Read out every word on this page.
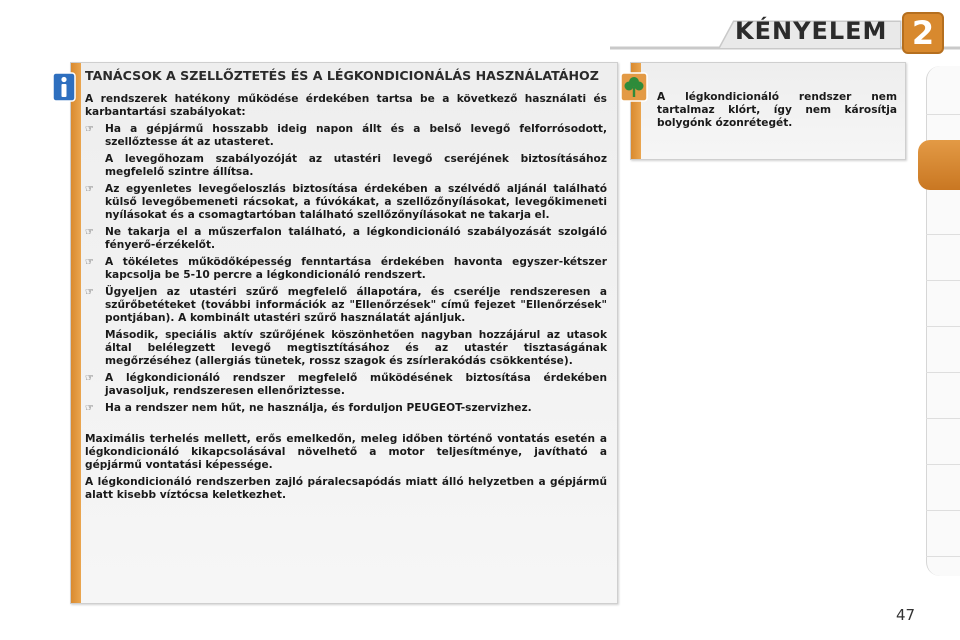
KÉNYELEM 2
TANÁCSOK A SZELLŐZTETÉS ÉS A LÉGKONDICIONÁLÁS HASZNÁLATÁHOZ

A rendszerek hatékony működése érdekében tartsa be a következő használati és karbantartási szabályokat:

☞ Ha a gépjármű hosszabb ideig napon állt és a belső levegő felforrósodott, szellőztesse át az utasteret.
A levegőhozam szabályozóját az utastéri levegő cseréjének biztosításához megfelelő szintre állítsa.
☞ Az egyenletes levegőeloszlás biztosítása érdekében a szélvédő aljánál található külső levegőbemeneti rácsokat, a fúvókákat, a szellőzőnyílásokat, levegőkimeneti nyílásokat és a csomagtartóban található szellőzőnyílásokat ne takarja el.
☞ Ne takarja el a műszerfalon található, a légkondicionáló szabályozását szolgáló fényerő-érzékelőt.
☞ A tökéletes működőképesség fenntartása érdekében havonta egyszer-kétszer kapcsolja be 5-10 percre a légkondicionáló rendszert.
☞ Ügyeljen az utastéri szűrő megfelelő állapotára, és cserélje rendszeresen a szűrőbetéteket (további információk az "Ellenőrzések" című fejezet "Ellenőrzések" pontjában). A kombinált utastéri szűrő használatát ajánljuk.
Második, speciális aktív szűrőjének köszönhetően nagyban hozzájárul az utasok által belélegzett levegő megtisztításához és az utastér tisztaságának megőrzéséhez (allergiás tünetek, rossz szagok és zsírlerakódás csökkentése).
☞ A légkondicionáló rendszer megfelelő működésének biztosítása érdekében javasoljuk, rendszeresen ellenőriztesse.
☞ Ha a rendszer nem hűt, ne használja, és forduljon PEUGEOT-szervizhez.

Maximális terhelés mellett, erős emelkedőn, meleg időben történő vontatás esetén a légkondicionáló kikapcsolásával növelhető a motor teljesítménye, javítható a gépjármű vontatási képessége.

A légkondicionáló rendszerben zajló páralecsapódás miatt álló helyzetben a gépjármű alatt kisebb víztócsa keletkezhet.

A légkondicionáló rendszer nem tartalmaz klórt, így nem károsítja bolygónk ózonrétegét.
47
